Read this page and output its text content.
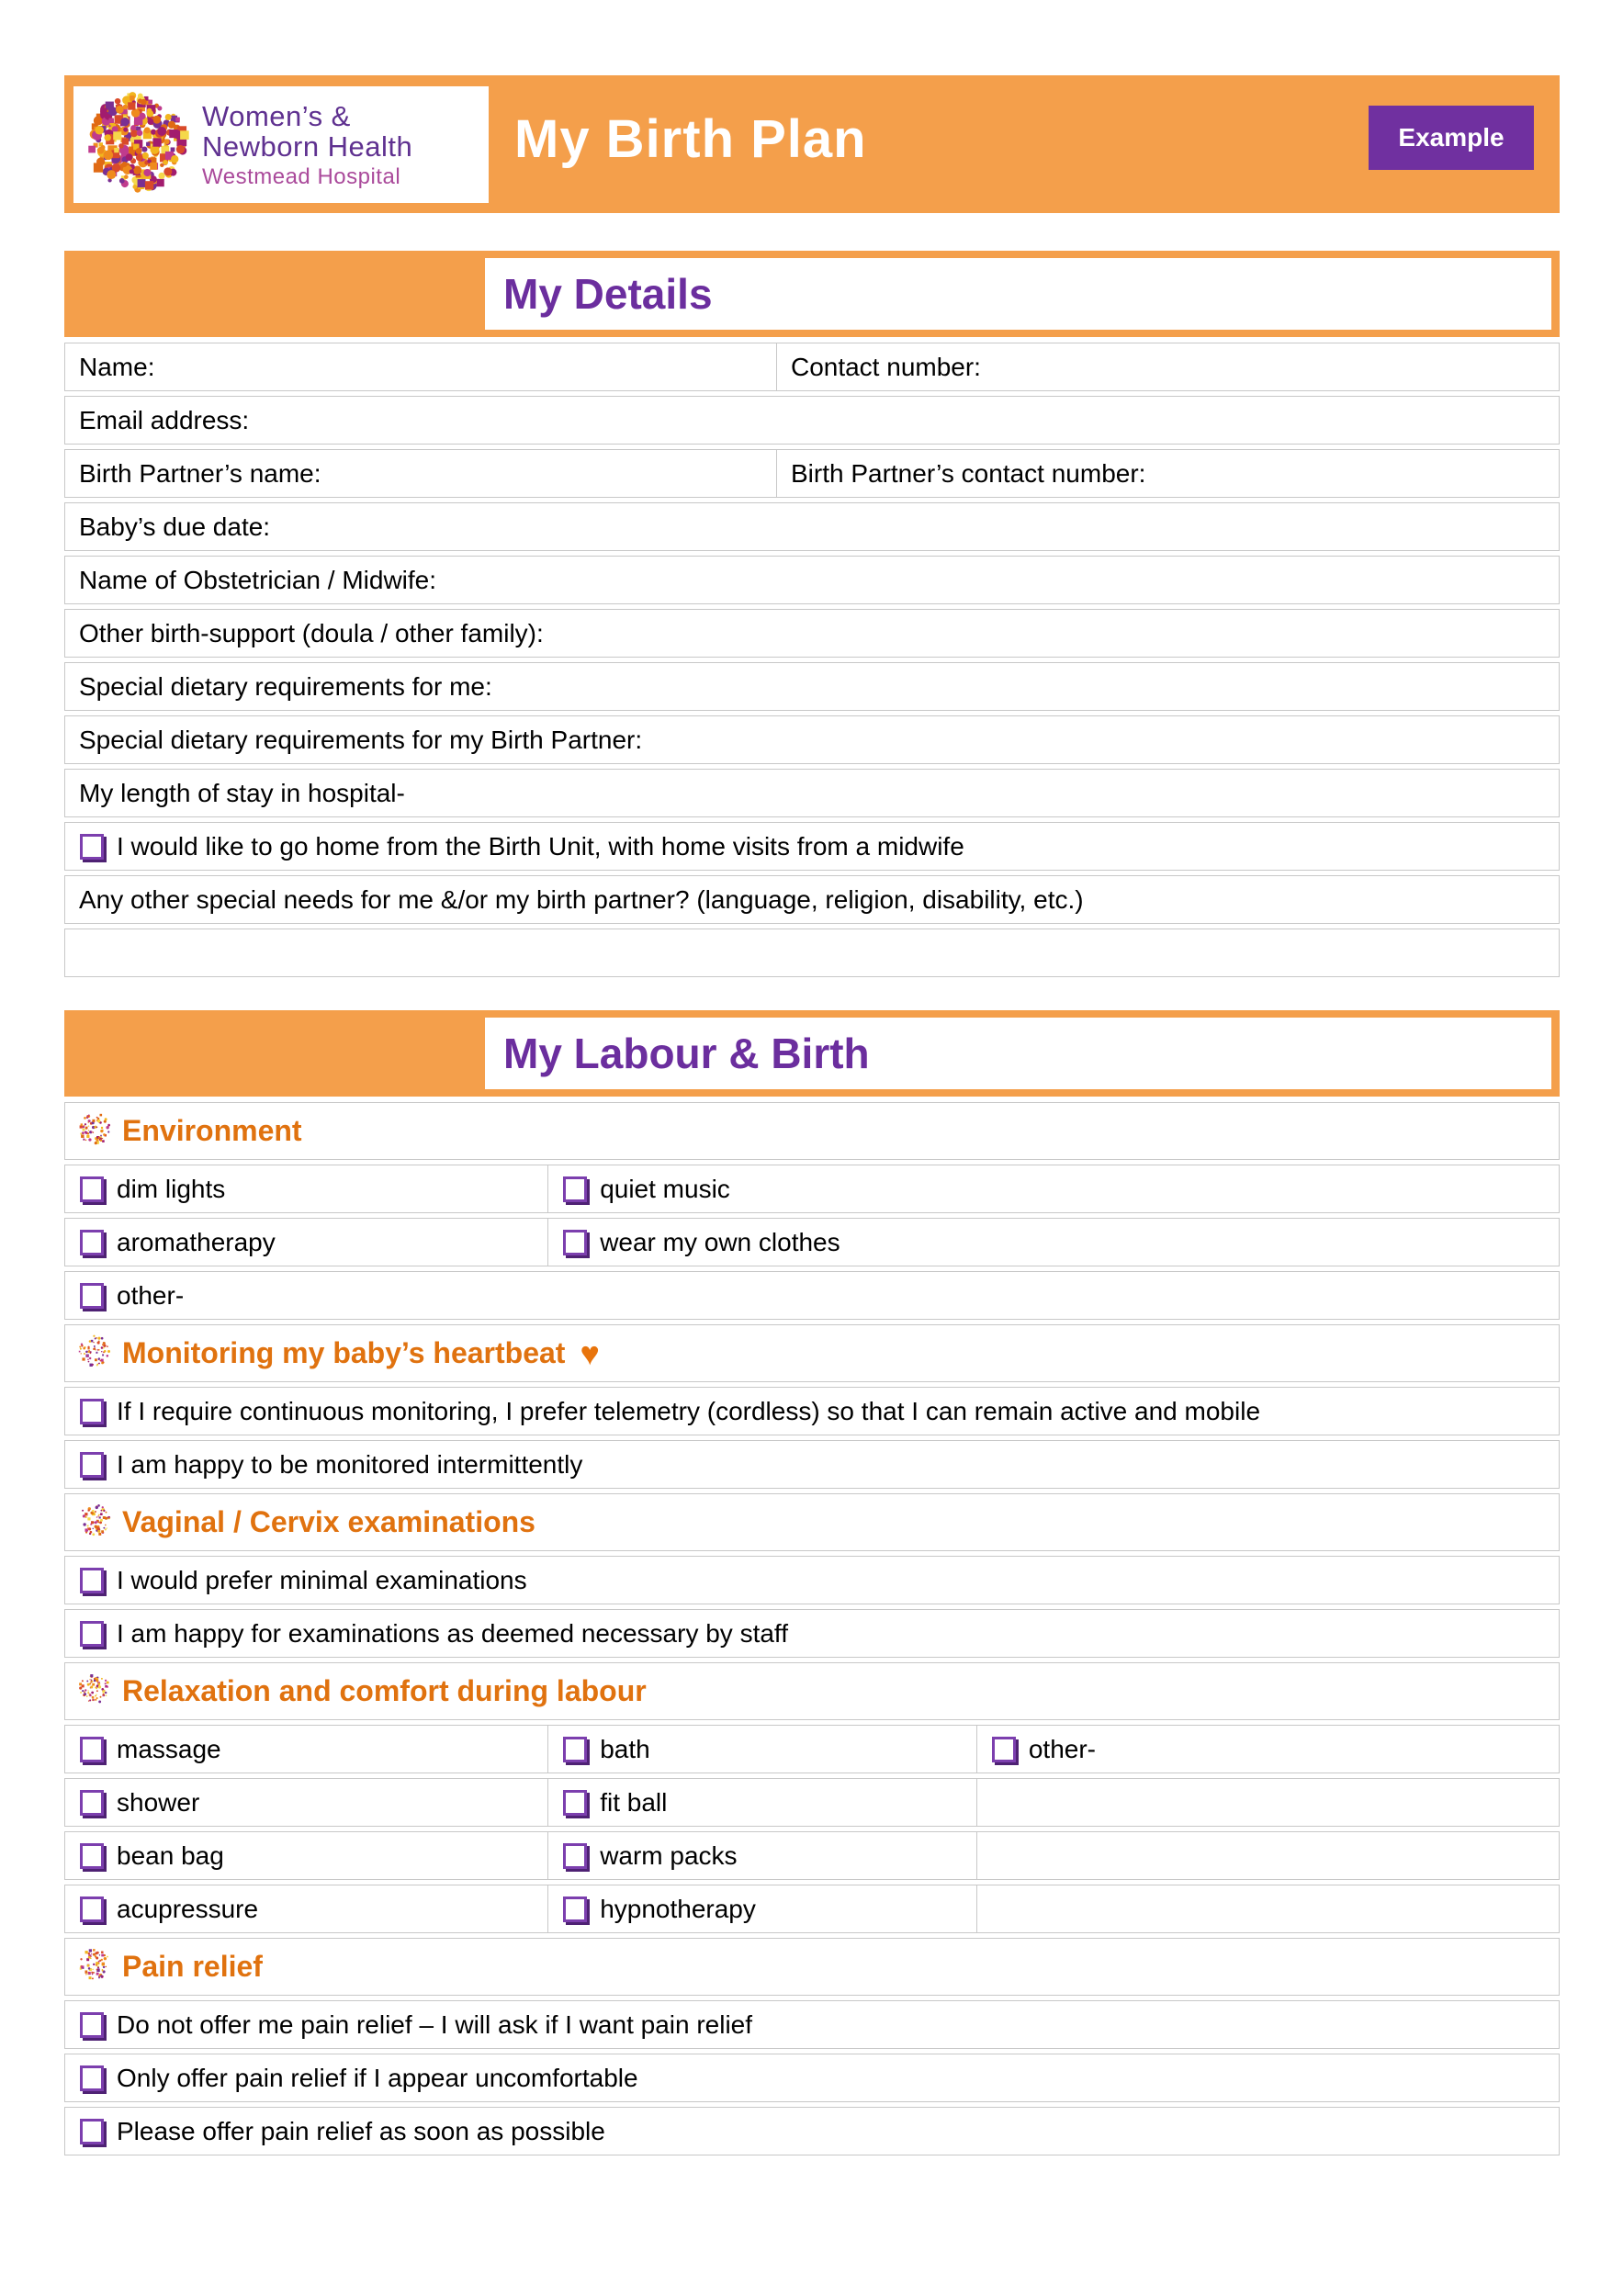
Women’s &
Newborn Health
Westmead Hospital
My Birth Plan	Example
My Details
Name:	Contact number:
Email address:
Birth Partner’s name:	Birth Partner’s contact number:
Baby’s due date:
Name of Obstetrician / Midwife:
Other birth-support (doula / other family):
Special dietary requirements for me:
Special dietary requirements for my Birth Partner:
My length of stay in hospital-
I would like to go home from the Birth Unit, with home visits from a midwife
Any other special needs for me &/or my birth partner? (language, religion, disability, etc.)
My Labour & Birth
Environment
dim lights	quiet music
aromatherapy	wear my own clothes
other-
Monitoring my baby’s heartbeat ♥
If I require continuous monitoring, I prefer telemetry (cordless) so that I can remain active and mobile
I am happy to be monitored intermittently
Vaginal / Cervix examinations
I would prefer minimal examinations
I am happy for examinations as deemed necessary by staff
Relaxation and comfort during labour
massage	bath	other-
shower	fit ball
bean bag	warm packs
acupressure	hypnotherapy
Pain relief
Do not offer me pain relief – I will ask if I want pain relief
Only offer pain relief if I appear uncomfortable
Please offer pain relief as soon as possible
